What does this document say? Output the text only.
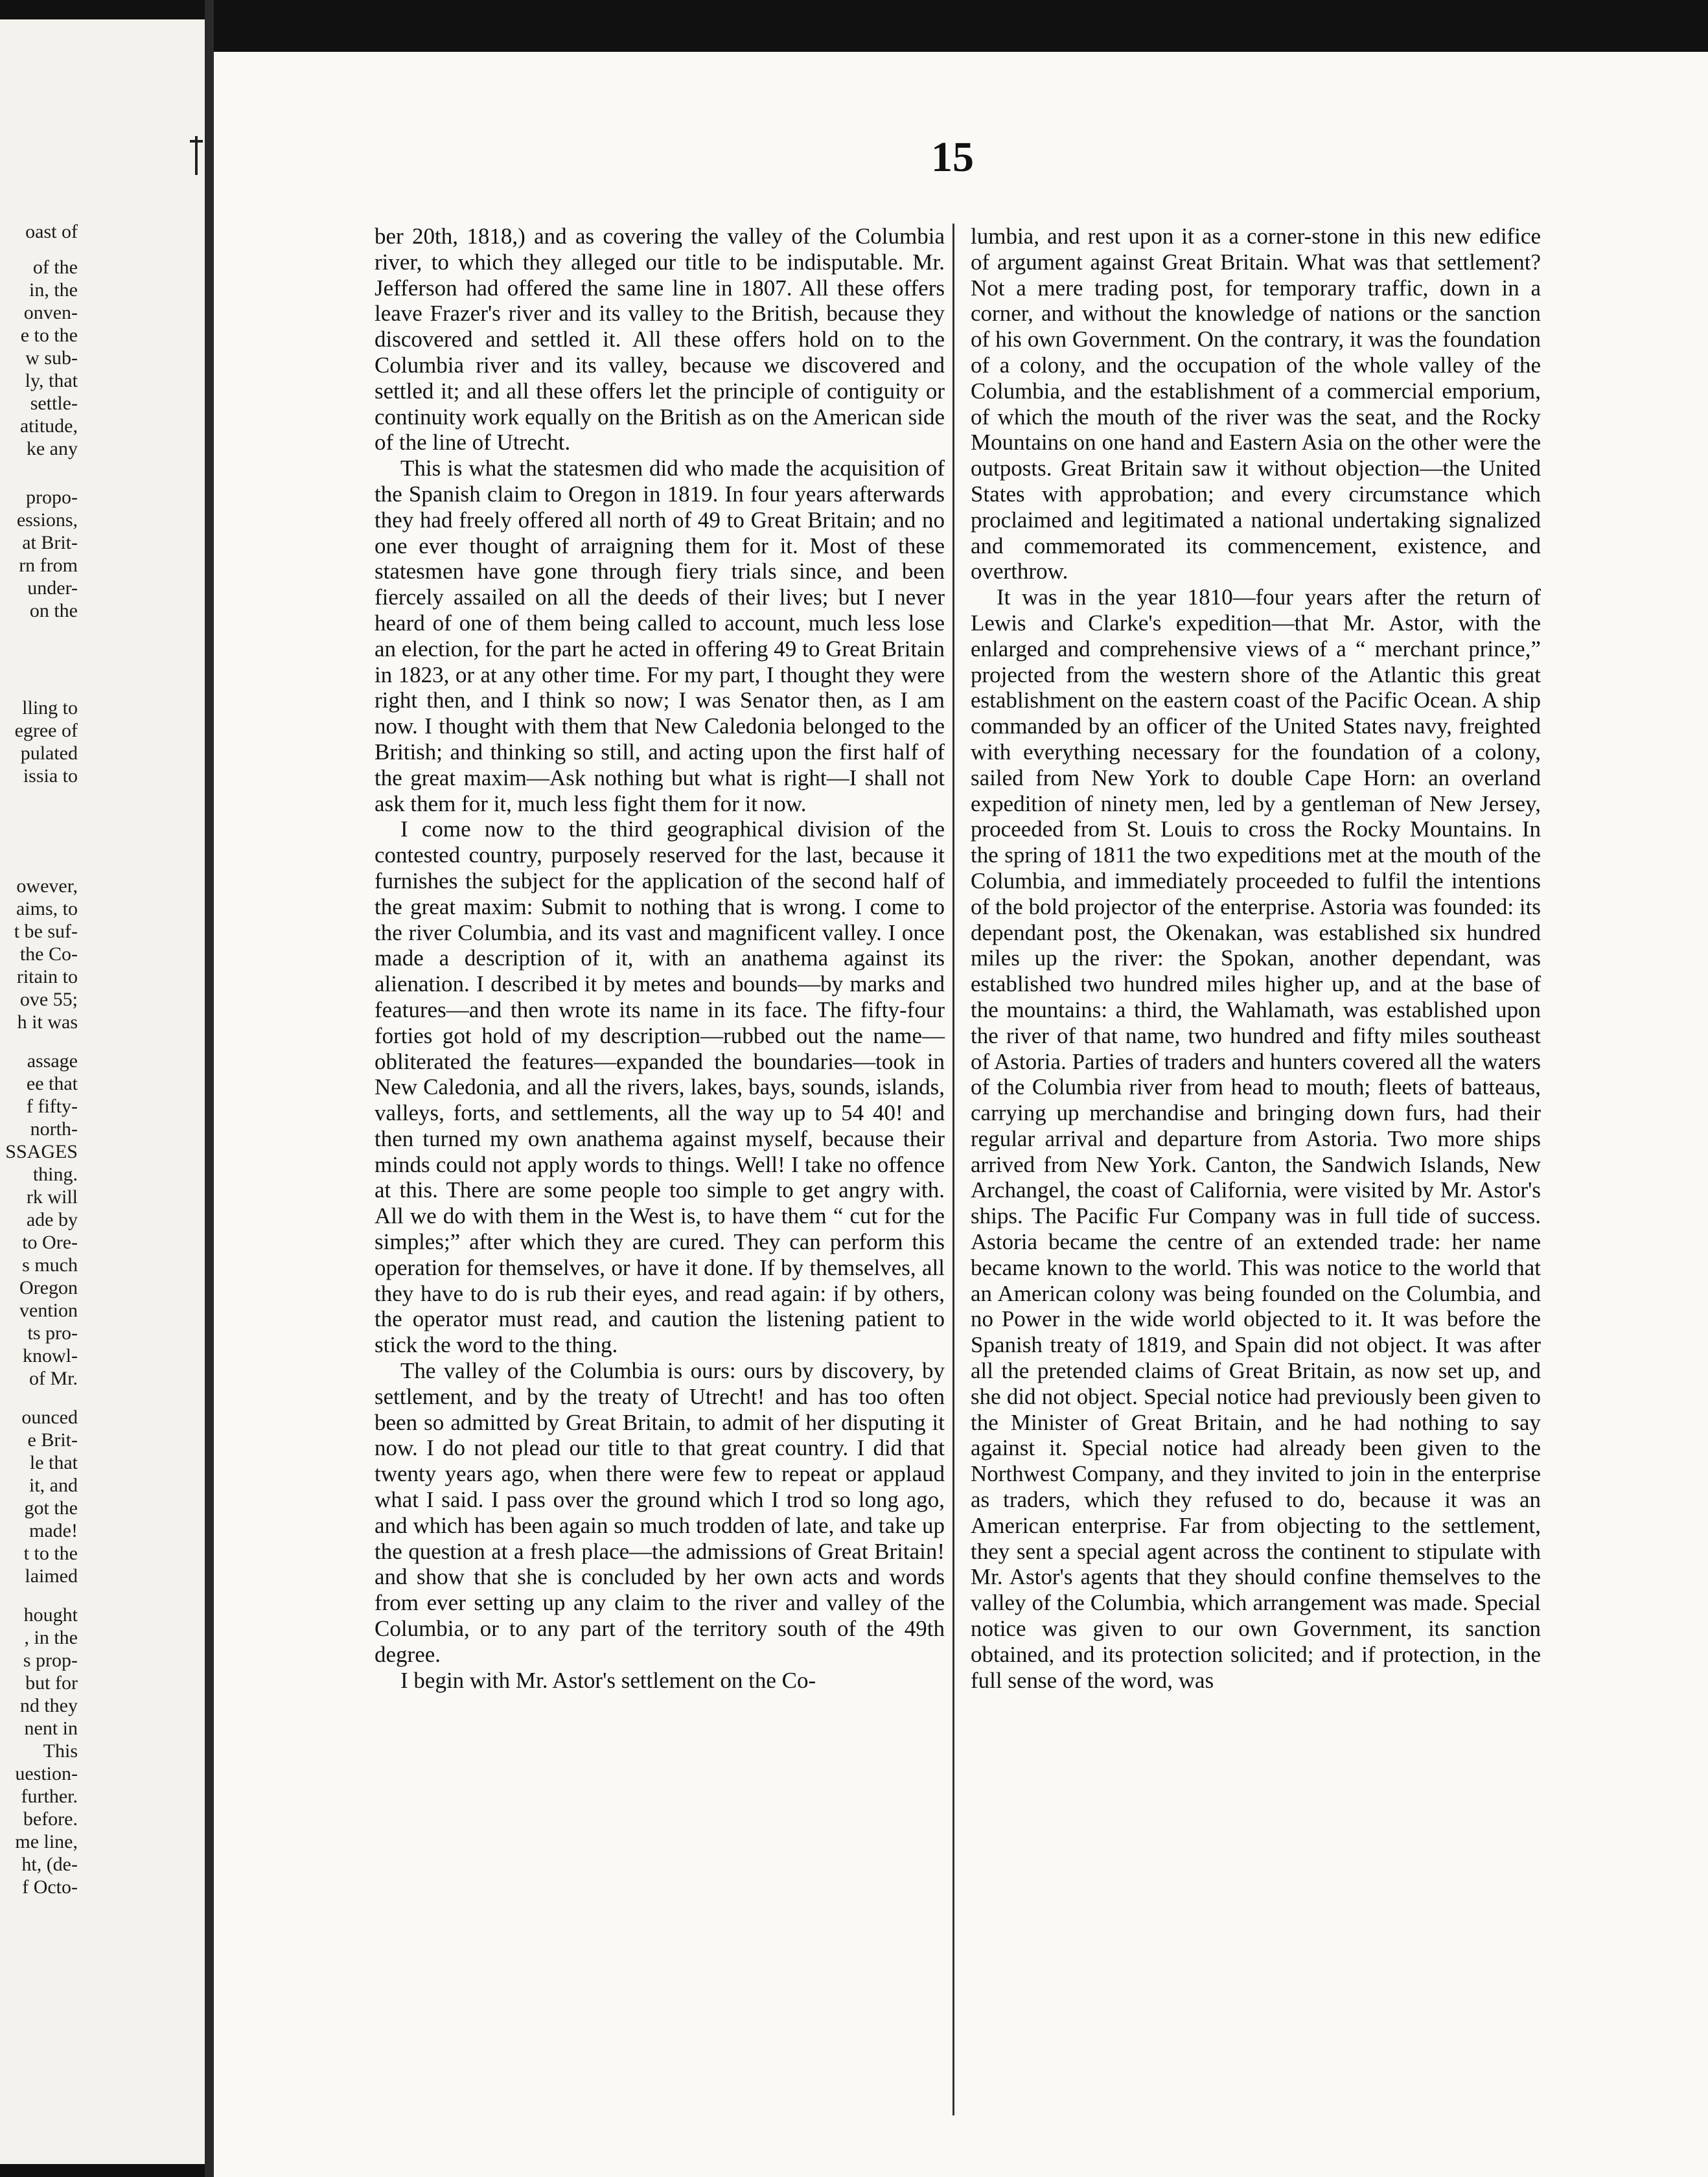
oast of
of the
in, the
onven-
e to the
w sub-
ly, that
settle-
atitude,
ke any
propo-
essions,
at Brit-
rn from
under-
on the
lling to
egree of
pulated
issia to
owever,
aims, to
t be suf-
the Co-
ritain to
ove 55;
h it was
assage
ee that
f fifty-
north-
SSAGES
thing.
rk will
ade by
to Ore-
s much
Oregon
vention
ts pro-
knowl-
of Mr.
ounced
e Brit-
le that
it, and
got the
made!
t to the
laimed
hought
, in the
s prop-
but for
nd they
nent in
This
uestion-
further.
before.
me line,
ht, (de-
f Octo-
15

ber 20th, 1818,) and as covering the valley of the Columbia river, to which they alleged our title to be indisputable. Mr. Jefferson had offered the same line in 1807. All these offers leave Frazer's river and its valley to the British, because they discovered and settled it. All these offers hold on to the Columbia river and its valley, because we discovered and settled it; and all these offers let the principle of contiguity or continuity work equally on the British as on the American side of the line of Utrecht.

This is what the statesmen did who made the acquisition of the Spanish claim to Oregon in 1819. In four years afterwards they had freely offered all north of 49 to Great Britain; and no one ever thought of arraigning them for it. Most of these statesmen have gone through fiery trials since, and been fiercely assailed on all the deeds of their lives; but I never heard of one of them being called to account, much less lose an election, for the part he acted in offering 49 to Great Britain in 1823, or at any other time. For my part, I thought they were right then, and I think so now; I was Senator then, as I am now. I thought with them that New Caledonia belonged to the British; and thinking so still, and acting upon the first half of the great maxim—Ask nothing but what is right—I shall not ask them for it, much less fight them for it now.

I come now to the third geographical division of the contested country, purposely reserved for the last, because it furnishes the subject for the application of the second half of the great maxim: Submit to nothing that is wrong. I come to the river Columbia, and its vast and magnificent valley. I once made a description of it, with an anathema against its alienation. I described it by metes and bounds—by marks and features—and then wrote its name in its face. The fifty-four forties got hold of my description—rubbed out the name—obliterated the features—expanded the boundaries—took in New Caledonia, and all the rivers, lakes, bays, sounds, islands, valleys, forts, and settlements, all the way up to 54 40! and then turned my own anathema against myself, because their minds could not apply words to things. Well! I take no offence at this. There are some people too simple to get angry with. All we do with them in the West is, to have them “ cut for the simples;” after which they are cured. They can perform this operation for themselves, or have it done. If by themselves, all they have to do is rub their eyes, and read again: if by others, the operator must read, and caution the listening patient to stick the word to the thing.

The valley of the Columbia is ours: ours by discovery, by settlement, and by the treaty of Utrecht! and has too often been so admitted by Great Britain, to admit of her disputing it now. I do not plead our title to that great country. I did that twenty years ago, when there were few to repeat or applaud what I said. I pass over the ground which I trod so long ago, and which has been again so much trodden of late, and take up the question at a fresh place—the admissions of Great Britain! and show that she is concluded by her own acts and words from ever setting up any claim to the river and valley of the Columbia, or to any part of the territory south of the 49th degree.

I begin with Mr. Astor's settlement on the Co-

lumbia, and rest upon it as a corner-stone in this new edifice of argument against Great Britain. What was that settlement? Not a mere trading post, for temporary traffic, down in a corner, and without the knowledge of nations or the sanction of his own Government. On the contrary, it was the foundation of a colony, and the occupation of the whole valley of the Columbia, and the establishment of a commercial emporium, of which the mouth of the river was the seat, and the Rocky Mountains on one hand and Eastern Asia on the other were the outposts. Great Britain saw it without objection—the United States with approbation; and every circumstance which proclaimed and legitimated a national undertaking signalized and commemorated its commencement, existence, and overthrow.

It was in the year 1810—four years after the return of Lewis and Clarke's expedition—that Mr. Astor, with the enlarged and comprehensive views of a “ merchant prince,” projected from the western shore of the Atlantic this great establishment on the eastern coast of the Pacific Ocean. A ship commanded by an officer of the United States navy, freighted with everything necessary for the foundation of a colony, sailed from New York to double Cape Horn: an overland expedition of ninety men, led by a gentleman of New Jersey, proceeded from St. Louis to cross the Rocky Mountains. In the spring of 1811 the two expeditions met at the mouth of the Columbia, and immediately proceeded to fulfil the intentions of the bold projector of the enterprise. Astoria was founded: its dependant post, the Okenakan, was established six hundred miles up the river: the Spokan, another dependant, was established two hundred miles higher up, and at the base of the mountains: a third, the Wahlamath, was established upon the river of that name, two hundred and fifty miles southeast of Astoria. Parties of traders and hunters covered all the waters of the Columbia river from head to mouth; fleets of batteaus, carrying up merchandise and bringing down furs, had their regular arrival and departure from Astoria. Two more ships arrived from New York. Canton, the Sandwich Islands, New Archangel, the coast of California, were visited by Mr. Astor's ships. The Pacific Fur Company was in full tide of success. Astoria became the centre of an extended trade: her name became known to the world. This was notice to the world that an American colony was being founded on the Columbia, and no Power in the wide world objected to it. It was before the Spanish treaty of 1819, and Spain did not object. It was after all the pretended claims of Great Britain, as now set up, and she did not object. Special notice had previously been given to the Minister of Great Britain, and he had nothing to say against it. Special notice had already been given to the Northwest Company, and they invited to join in the enterprise as traders, which they refused to do, because it was an American enterprise. Far from objecting to the settlement, they sent a special agent across the continent to stipulate with Mr. Astor's agents that they should confine themselves to the valley of the Columbia, which arrangement was made. Special notice was given to our own Government, its sanction obtained, and its protection solicited; and if protection, in the full sense of the word, was
